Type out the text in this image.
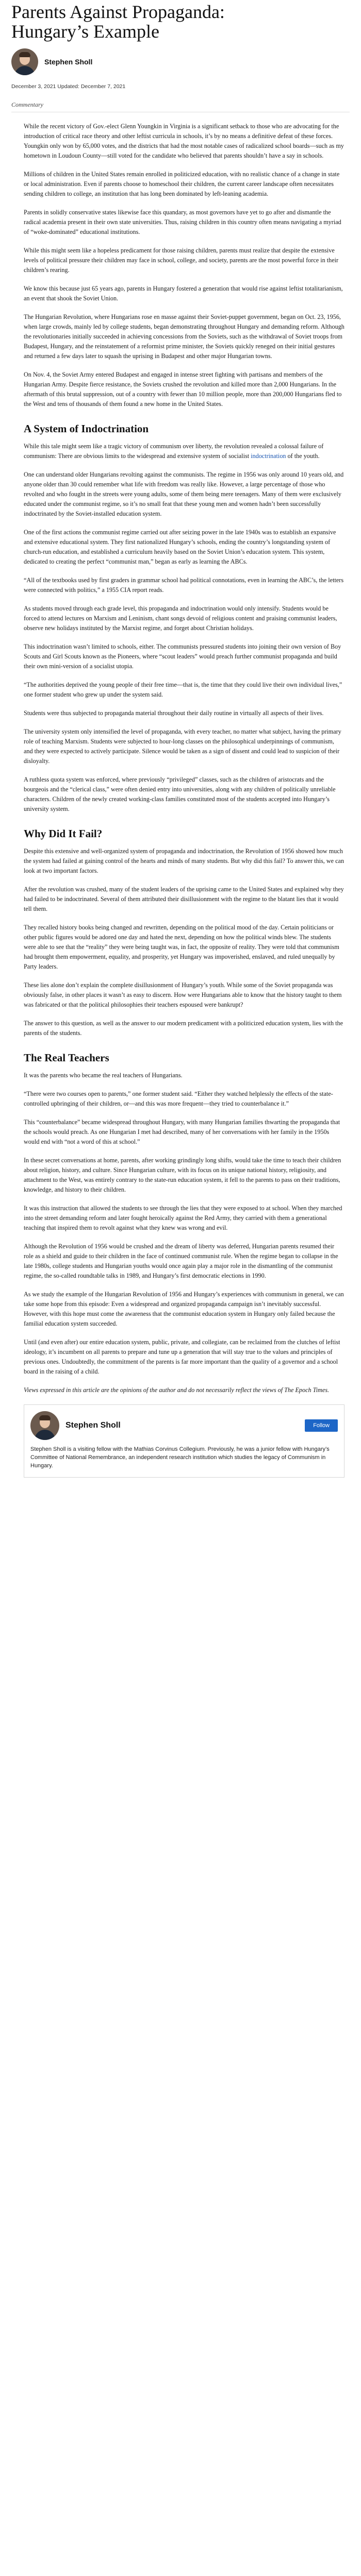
Parents Against Propaganda:
Hungary’s Example
Stephen Sholl
December 3, 2021 Updated: December 7, 2021
Commentary

While the recent victory of Gov.-elect Glenn Youngkin in Virginia is a significant setback to those who are advocating for the introduction of critical race theory and other leftist curricula in schools, it’s by no means a definitive defeat of these forces. Youngkin only won by 65,000 votes, and the districts that had the most notable cases of radicalized school boards—such as my hometown in Loudoun County—still voted for the candidate who believed that parents shouldn’t have a say in schools.

Millions of children in the United States remain enrolled in politicized education, with no realistic chance of a change in state or local administration. Even if parents choose to homeschool their children, the current career landscape often necessitates sending children to college, an institution that has long been dominated by left-leaning academia.

Parents in solidly conservative states likewise face this quandary, as most governors have yet to go after and dismantle the radical academia present in their own state universities. Thus, raising children in this country often means navigating a myriad of “woke-dominated” educational institutions.

While this might seem like a hopeless predicament for those raising children, parents must realize that despite the extensive levels of political pressure their children may face in school, college, and society, parents are the most powerful force in their children’s rearing.

We know this because just 65 years ago, parents in Hungary fostered a generation that would rise against leftist totalitarianism, an event that shook the Soviet Union.

The Hungarian Revolution, where Hungarians rose en masse against their Soviet-puppet government, began on Oct. 23, 1956, when large crowds, mainly led by college students, began demonstrating throughout Hungary and demanding reform. Although the revolutionaries initially succeeded in achieving concessions from the Soviets, such as the withdrawal of Soviet troops from Budapest, Hungary, and the reinstatement of a reformist prime minister, the Soviets quickly reneged on their initial gestures and returned a few days later to squash the uprising in Budapest and other major Hungarian towns.

On Nov. 4, the Soviet Army entered Budapest and engaged in intense street fighting with partisans and members of the Hungarian Army. Despite fierce resistance, the Soviets crushed the revolution and killed more than 2,000 Hungarians. In the aftermath of this brutal suppression, out of a country with fewer than 10 million people, more than 200,000 Hungarians fled to the West and tens of thousands of them found a new home in the United States.

A System of Indoctrination

While this tale might seem like a tragic victory of communism over liberty, the revolution revealed a colossal failure of communism: There are obvious limits to the widespread and extensive system of socialist indoctrination of the youth.

One can understand older Hungarians revolting against the communists. The regime in 1956 was only around 10 years old, and anyone older than 30 could remember what life with freedom was really like. However, a large percentage of those who revolted and who fought in the streets were young adults, some of them being mere teenagers. Many of them were exclusively educated under the communist regime, so it’s no small feat that these young men and women hadn’t been successfully indoctrinated by the Soviet-installed education system.

One of the first actions the communist regime carried out after seizing power in the late 1940s was to establish an expansive and extensive educational system. They first nationalized Hungary’s schools, ending the country’s longstanding system of church-run education, and established a curriculum heavily based on the Soviet Union’s education system. This system, dedicated to creating the perfect “communist man,” began as early as learning the ABCs.

“All of the textbooks used by first graders in grammar school had political connotations, even in learning the ABC’s, the letters were connected with politics,” a 1955 CIA report reads.

As students moved through each grade level, this propaganda and indoctrination would only intensify. Students would be forced to attend lectures on Marxism and Leninism, chant songs devoid of religious content and praising communist leaders, observe new holidays instituted by the Marxist regime, and forget about Christian holidays.

This indoctrination wasn’t limited to schools, either. The communists pressured students into joining their own version of Boy Scouts and Girl Scouts known as the Pioneers, where “scout leaders” would preach further communist propaganda and build their own mini-version of a socialist utopia.

“The authorities deprived the young people of their free time—that is, the time that they could live their own individual lives,” one former student who grew up under the system said.

Students were thus subjected to propaganda material throughout their daily routine in virtually all aspects of their lives.

The university system only intensified the level of propaganda, with every teacher, no matter what subject, having the primary role of teaching Marxism. Students were subjected to hour-long classes on the philosophical underpinnings of communism, and they were expected to actively participate. Silence would be taken as a sign of dissent and could lead to suspicion of their disloyalty.

A ruthless quota system was enforced, where previously “privileged” classes, such as the children of aristocrats and the bourgeois and the “clerical class,” were often denied entry into universities, along with any children of politically unreliable characters. Children of the newly created working-class families constituted most of the students accepted into Hungary’s university system.

Why Did It Fail?

Despite this extensive and well-organized system of propaganda and indoctrination, the Revolution of 1956 showed how much the system had failed at gaining control of the hearts and minds of many students. But why did this fail? To answer this, we can look at two important factors.

After the revolution was crushed, many of the student leaders of the uprising came to the United States and explained why they had failed to be indoctrinated. Several of them attributed their disillusionment with the regime to the blatant lies that it would tell them.

They recalled history books being changed and rewritten, depending on the political mood of the day. Certain politicians or other public figures would be adored one day and hated the next, depending on how the political winds blew. The students were able to see that the “reality” they were being taught was, in fact, the opposite of reality. They were told that communism had brought them empowerment, equality, and prosperity, yet Hungary was impoverished, enslaved, and ruled unequally by Party leaders.

These lies alone don’t explain the complete disillusionment of Hungary’s youth. While some of the Soviet propaganda was obviously false, in other places it wasn’t as easy to discern. How were Hungarians able to know that the history taught to them was fabricated or that the political philosophies their teachers espoused were bankrupt?

The answer to this question, as well as the answer to our modern predicament with a politicized education system, lies with the parents of the students.

The Real Teachers

It was the parents who became the real teachers of Hungarians.

“There were two courses open to parents,” one former student said. “Either they watched helplessly the effects of the state-controlled upbringing of their children, or—and this was more frequent—they tried to counterbalance it.”

This “counterbalance” became widespread throughout Hungary, with many Hungarian families thwarting the propaganda that the schools would preach. As one Hungarian I met had described, many of her conversations with her family in the 1950s would end with “not a word of this at school.”

In these secret conversations at home, parents, after working grindingly long shifts, would take the time to teach their children about religion, history, and culture. Since Hungarian culture, with its focus on its unique national history, religiosity, and attachment to the West, was entirely contrary to the state-run education system, it fell to the parents to pass on their traditions, knowledge, and history to their children.

It was this instruction that allowed the students to see through the lies that they were exposed to at school. When they marched into the street demanding reform and later fought heroically against the Red Army, they carried with them a generational teaching that inspired them to revolt against what they knew was wrong and evil.

Although the Revolution of 1956 would be crushed and the dream of liberty was deferred, Hungarian parents resumed their role as a shield and guide to their children in the face of continued communist rule. When the regime began to collapse in the late 1980s, college students and Hungarian youths would once again play a major role in the dismantling of the communist regime, the so-called roundtable talks in 1989, and Hungary’s first democratic elections in 1990.

As we study the example of the Hungarian Revolution of 1956 and Hungary’s experiences with communism in general, we can take some hope from this episode: Even a widespread and organized propaganda campaign isn’t inevitably successful. However, with this hope must come the awareness that the communist education system in Hungary only failed because the familial education system succeeded.

Until (and even after) our entire education system, public, private, and collegiate, can be reclaimed from the clutches of leftist ideology, it’s incumbent on all parents to prepare and tune up a generation that will stay true to the values and principles of previous ones. Undoubtedly, the commitment of the parents is far more important than the quality of a governor and a school board in the raising of a child.

Views expressed in this article are the opinions of the author and do not necessarily reflect the views of The Epoch Times.

Stephen Sholl	Follow
Stephen Sholl is a visiting fellow with the Mathias Corvinus Collegium. Previously, he was a junior fellow with Hungary’s Committee of National Remembrance, an independent research institution which studies the legacy of Communism in Hungary.
